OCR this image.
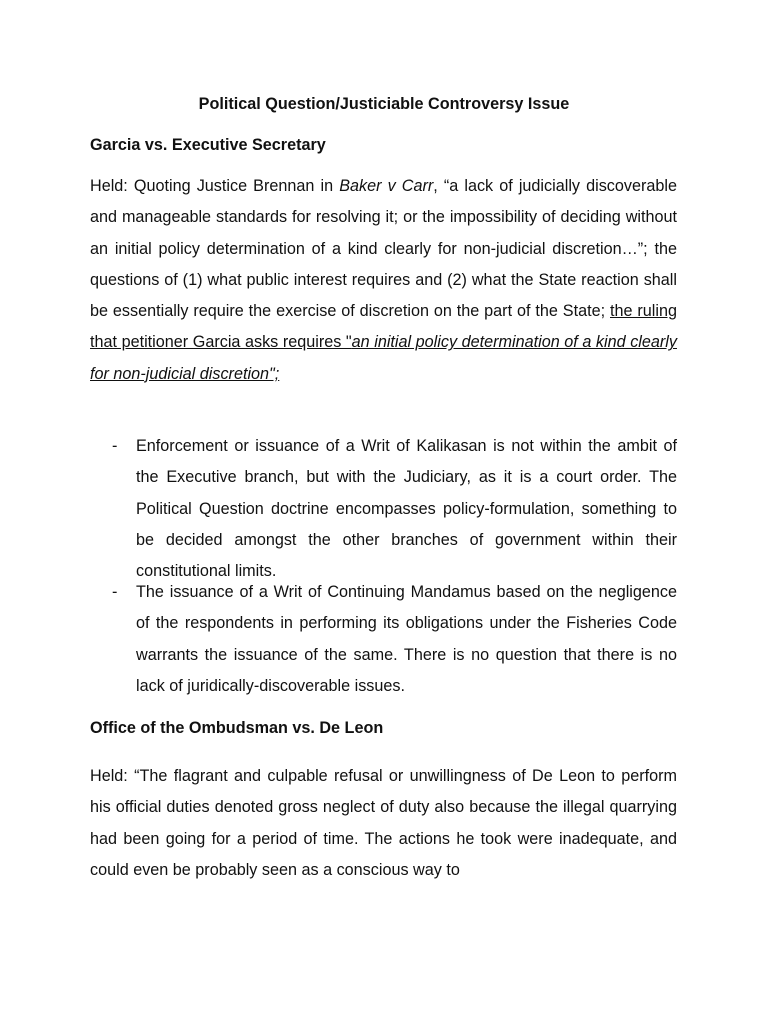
Political Question/Justiciable Controversy Issue

Garcia vs. Executive Secretary

Held: Quoting Justice Brennan in Baker v Carr, “a lack of judicially discoverable and manageable standards for resolving it; or the impossibility of deciding without an initial policy determination of a kind clearly for non-judicial discretion…”; the questions of (1) what public interest requires and (2) what the State reaction shall be essentially require the exercise of discretion on the part of the State; the ruling that petitioner Garcia asks requires "an initial policy determination of a kind clearly for non-judicial discretion";

- Enforcement or issuance of a Writ of Kalikasan is not within the ambit of the Executive branch, but with the Judiciary, as it is a court order. The Political Question doctrine encompasses policy-formulation, something to be decided amongst the other branches of government within their constitutional limits.
- The issuance of a Writ of Continuing Mandamus based on the negligence of the respondents in performing its obligations under the Fisheries Code warrants the issuance of the same. There is no question that there is no lack of juridically-discoverable issues.

Office of the Ombudsman vs. De Leon

Held: “The flagrant and culpable refusal or unwillingness of De Leon to perform his official duties denoted gross neglect of duty also because the illegal quarrying had been going for a period of time. The actions he took were inadequate, and could even be probably seen as a conscious way to
